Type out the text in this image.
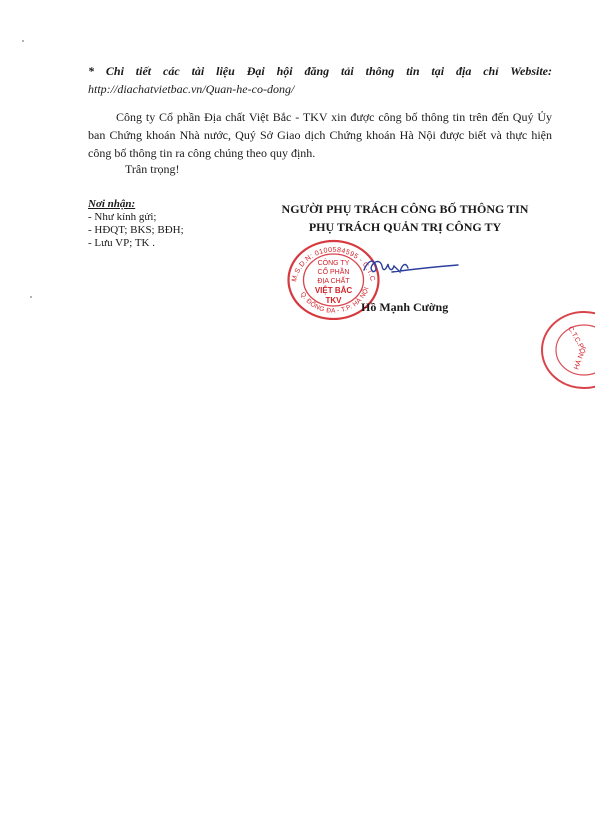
* Chi tiết các tài liệu Đại hội đăng tải thông tin tại địa chỉ Website:
http://diachatvietbac.vn/Quan-he-co-dong/

Công ty Cổ phần Địa chất Việt Bắc - TKV xin được công bố thông tin trên đến Quý Ủy ban Chứng khoán Nhà nước, Quý Sở Giao dịch Chứng khoán Hà Nội được biết và thực hiện công bố thông tin ra công chúng theo quy định.

Trân trọng!

Nơi nhận:
- Như kính gửi;
- HĐQT; BKS; BĐH;
- Lưu VP; TK .
NGƯỜI PHỤ TRÁCH CÔNG BỐ THÔNG TIN
PHỤ TRÁCH QUẢN TRỊ CÔNG TY
M.S.D.N: 0100584595 - C.T.C
Q. ĐỐNG ĐA - T.P. HÀ NỘI
CÔNG TY
CỔ PHẦN
ĐỊA CHẤT
VIỆT BẮC
TKV Hồ Mạnh Cường

C.T.C.P
HÀ NỘI
